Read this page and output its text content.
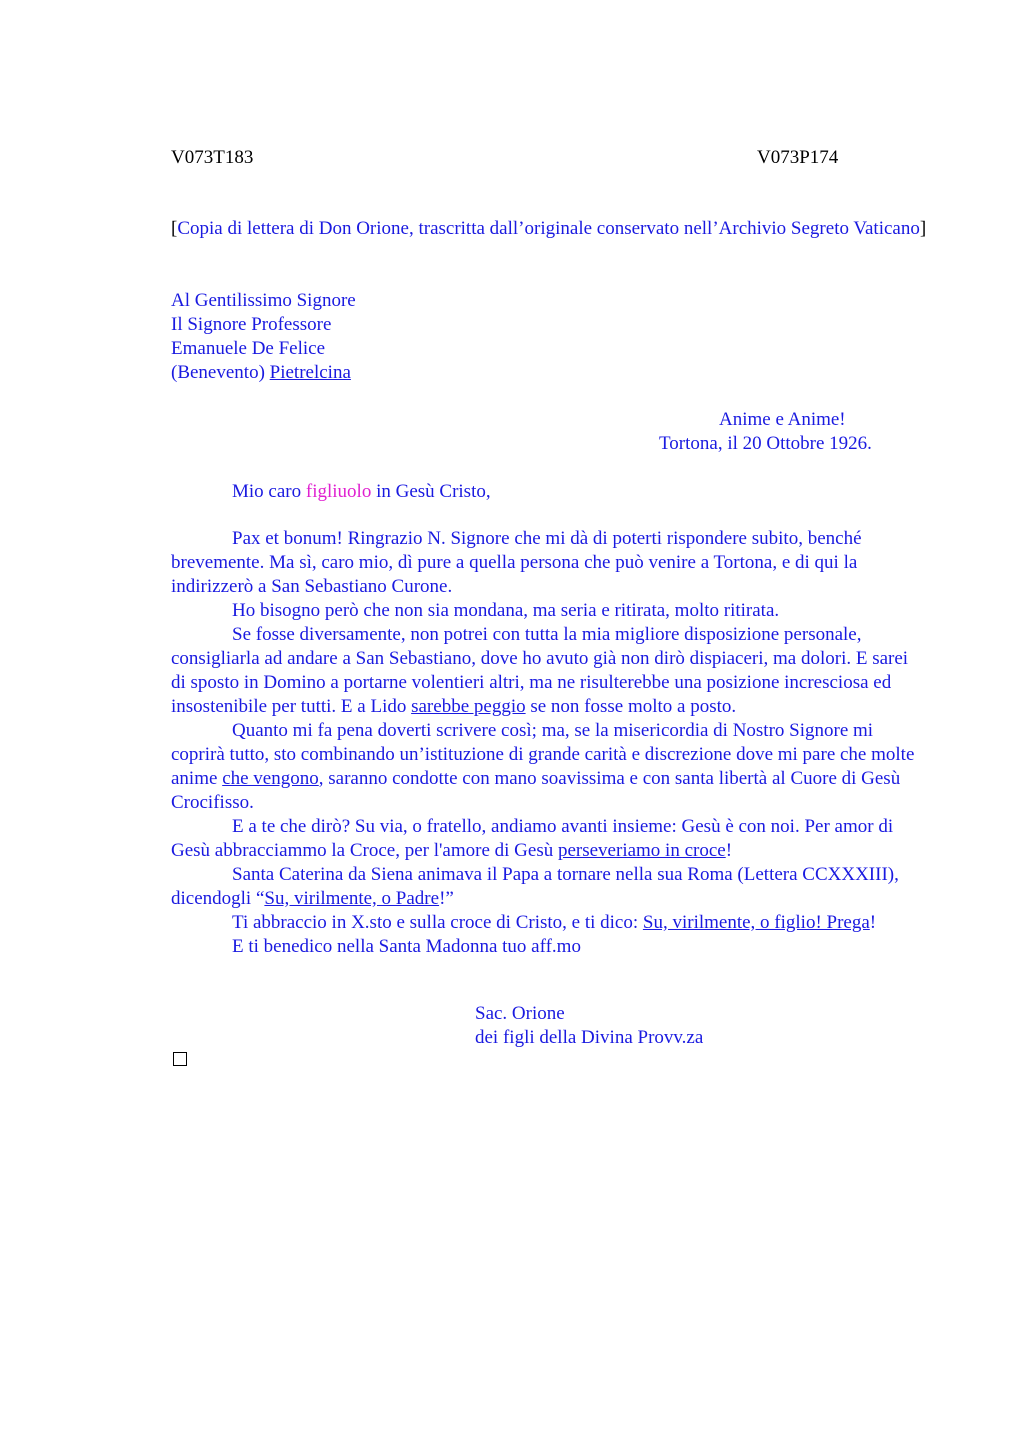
V073T183	V073P174
[Copia di lettera di Don Orione, trascritta dall’originale conservato nell’Archivio Segreto Vaticano]
Al Gentilissimo Signore
Il Signore Professore
Emanuele De Felice
(Benevento) Pietrelcina
Anime e Anime!
Tortona, il 20 Ottobre 1926.

Mio caro figliuolo in Gesù Cristo,

Pax et bonum! Ringrazio N. Signore che mi dà di poterti rispondere subito, benché brevemente. Ma sì, caro mio, dì pure a quella persona che può venire a Tortona, e di qui la indirizzerò a San Sebastiano Curone.

Ho bisogno però che non sia mondana, ma seria e ritirata, molto ritirata.

Se fosse diversamente, non potrei con tutta la mia migliore disposizione personale, consigliarla ad andare a San Sebastiano, dove ho avuto già non dirò dispiaceri, ma dolori. E sarei di sposto in Domino a portarne volentieri altri, ma ne risulterebbe una posizione incresciosa ed insostenibile per tutti. E a Lido sarebbe peggio se non fosse molto a posto.

Quanto mi fa pena doverti scrivere così; ma, se la misericordia di Nostro Signore mi coprirà tutto, sto combinando un’istituzione di grande carità e discrezione dove mi pare che molte anime che vengono, saranno condotte con mano soavissima e con santa libertà al Cuore di Gesù Crocifisso.

E a te che dirò? Su via, o fratello, andiamo avanti insieme: Gesù è con noi. Per amor di Gesù abbracciammo la Croce, per l'amore di Gesù perseveriamo in croce!

Santa Caterina da Siena animava il Papa a tornare nella sua Roma (Lettera CCXXXIII), dicendogli “Su, virilmente, o Padre!”

Ti abbraccio in X.sto e sulla croce di Cristo, e ti dico: Su, virilmente, o figlio! Prega!

E ti benedico nella Santa Madonna tuo aff.mo

Sac. Orione
dei figli della Divina Provv.za
